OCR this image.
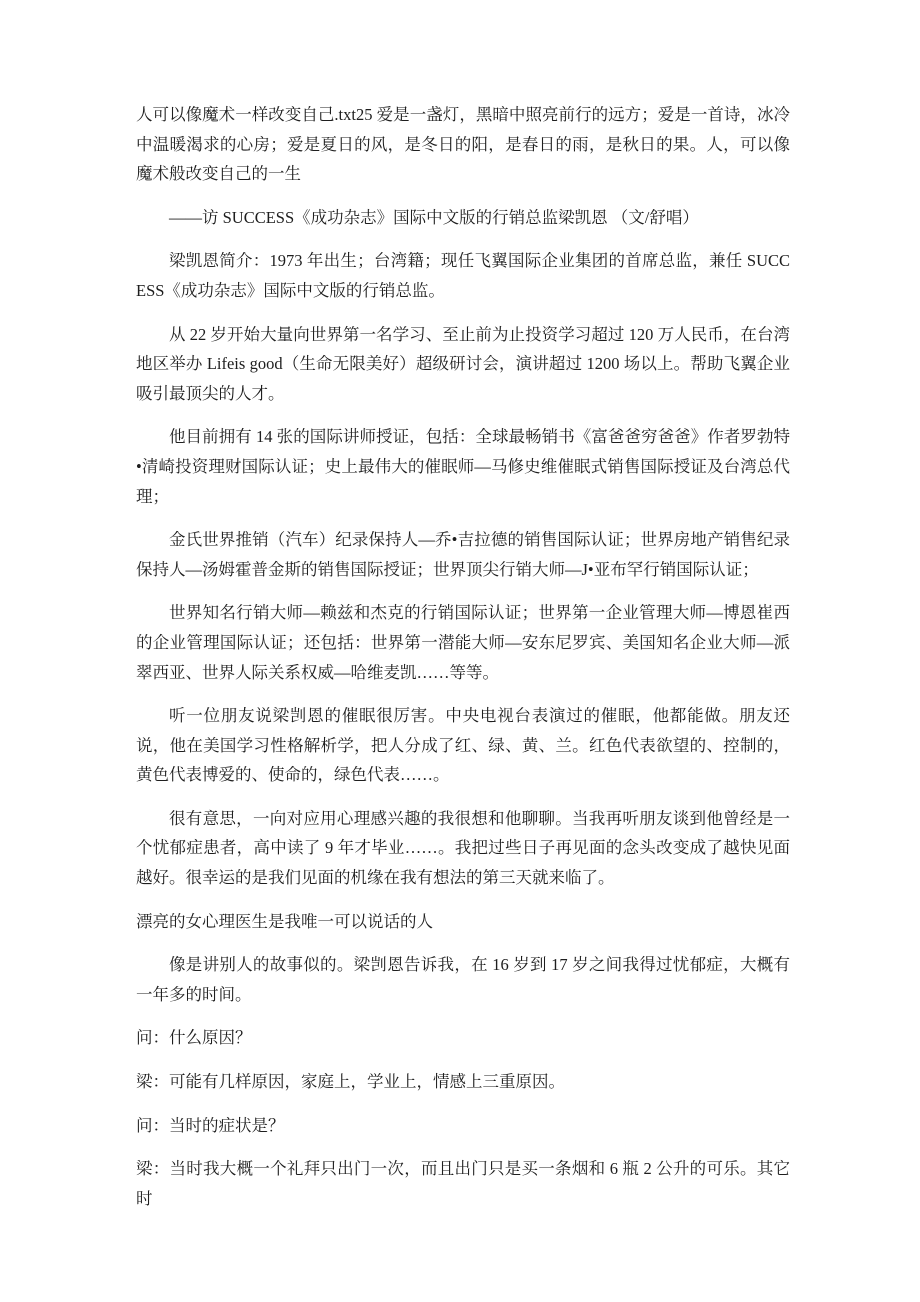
人可以像魔术一样改变自己.txt25 爱是一盏灯，黑暗中照亮前行的远方；爱是一首诗，冰冷中温暖渴求的心房；爱是夏日的风，是冬日的阳，是春日的雨，是秋日的果。人，可以像魔术般改变自己的一生

——访 SUCCESS《成功杂志》国际中文版的行销总监梁凯恩 （文/舒唱）

梁凯恩简介：1973 年出生；台湾籍；现任飞翼国际企业集团的首席总监，兼任 SUCCESS《成功杂志》国际中文版的行销总监。

从 22 岁开始大量向世界第一名学习、至止前为止投资学习超过 120 万人民币，在台湾地区举办 Lifeis good（生命无限美好）超级研讨会，演讲超过 1200 场以上。帮助飞翼企业吸引最顶尖的人才。

他目前拥有 14 张的国际讲师授证，包括：全球最畅销书《富爸爸穷爸爸》作者罗勃特•清崎投资理财国际认证；史上最伟大的催眠师—马修史维催眠式销售国际授证及台湾总代理；

金氏世界推销（汽车）纪录保持人—乔•吉拉德的销售国际认证；世界房地产销售纪录保持人—汤姆霍普金斯的销售国际授证；世界顶尖行销大师—J•亚布罕行销国际认证；

世界知名行销大师—赖兹和杰克的行销国际认证；世界第一企业管理大师—博恩崔西的企业管理国际认证；还包括：世界第一潜能大师—安东尼罗宾、美国知名企业大师—派翠西亚、世界人际关系权威—哈维麦凯……等等。

听一位朋友说梁剀恩的催眠很厉害。中央电视台表演过的催眠，他都能做。朋友还说，他在美国学习性格解析学，把人分成了红、绿、黄、兰。红色代表欲望的、控制的，黄色代表博爱的、使命的，绿色代表……。

很有意思，一向对应用心理感兴趣的我很想和他聊聊。当我再听朋友谈到他曾经是一个忧郁症患者，高中读了 9 年才毕业……。我把过些日子再见面的念头改变成了越快见面越好。很幸运的是我们见面的机缘在我有想法的第三天就来临了。

漂亮的女心理医生是我唯一可以说话的人

像是讲别人的故事似的。梁剀恩告诉我，在 16 岁到 17 岁之间我得过忧郁症，大概有一年多的时间。

问：什么原因？

梁：可能有几样原因，家庭上，学业上，情感上三重原因。

问：当时的症状是？

梁：当时我大概一个礼拜只出门一次，而且出门只是买一条烟和 6 瓶 2 公升的可乐。其它时
